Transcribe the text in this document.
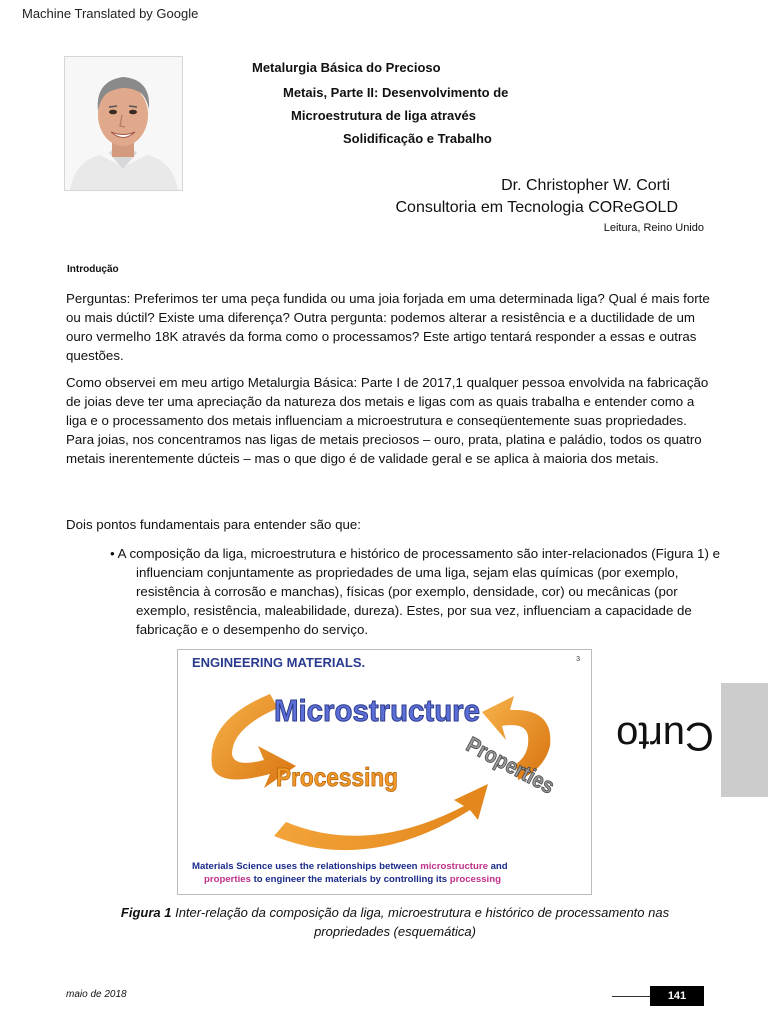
Machine Translated by Google
Metalurgia Básica do Precioso
Metais, Parte II: Desenvolvimento de
Microestrutura de liga através
Solidificação e Trabalho
Dr. Christopher W. Corti
Consultoria em Tecnologia COReGOLD
Leitura, Reino Unido
Introdução
Perguntas: Preferimos ter uma peça fundida ou uma joia forjada em uma determinada liga? Qual é mais forte ou mais dúctil? Existe uma diferença? Outra pergunta: podemos alterar a resistência e a ductilidade de um ouro vermelho 18K através da forma como o processamos? Este artigo tentará responder a essas e outras questões.
Como observei em meu artigo Metalurgia Básica: Parte I de 2017,1 qualquer pessoa envolvida na fabricação de joias deve ter uma apreciação da natureza dos metais e ligas com as quais trabalha e entender como a liga e o processamento dos metais influenciam a microestrutura e conseqüentemente suas propriedades. Para joias, nos concentramos nas ligas de metais preciosos – ouro, prata, platina e paládio, todos os quatro metais inerentemente dúcteis – mas o que digo é de validade geral e se aplica à maioria dos metais.
Dois pontos fundamentais para entender são que:
• A composição da liga, microestrutura e histórico de processamento são inter-relacionados (Figura 1) e influenciam conjuntamente as propriedades de uma liga, sejam elas químicas (por exemplo, resistência à corrosão e manchas), físicas (por exemplo, densidade, cor) ou mecânicas (por exemplo, resistência, maleabilidade, dureza). Estes, por sua vez, influenciam a capacidade de fabricação e o desempenho do serviço.
ENGINEERING MATERIALS.	3
Microstructure
Processing	Properties
Materials Science uses the relationships between microstructure and
properties to engineer the materials by controlling its processing
Figura 1 Inter-relação da composição da liga, microestrutura e histórico de processamento nas propriedades (esquemática)
Curto
maio de 2018	141
